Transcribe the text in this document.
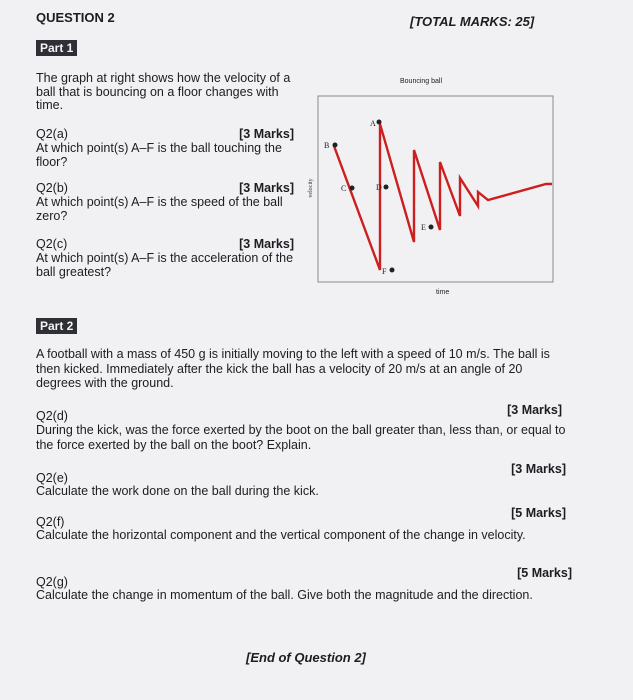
QUESTION 2	[TOTAL MARKS: 25]
Part 1
The graph at right shows how the velocity of a ball that is bouncing on a floor changes with time.
Q2(a)	[3 Marks]
At which point(s) A–F is the ball touching the floor?
Q2(b)	[3 Marks]
At which point(s) A–F is the speed of the ball zero?
Q2(c)	[3 Marks]
At which point(s) A–F is the acceleration of the ball greatest?
Bouncing ball
velocity
A
B
C	D
E
F
time
Part 2
A football with a mass of 450 g is initially moving to the left with a speed of 10 m/s. The ball is then kicked. Immediately after the kick the ball has a velocity of 20 m/s at an angle of 20 degrees with the ground.
Q2(d)	[3 Marks]
During the kick, was the force exerted by the boot on the ball greater than, less than, or equal to the force exerted by the ball on the boot? Explain.
Q2(e)
[3 Marks]
Calculate the work done on the ball during the kick.
Q2(f)
[5 Marks]
Calculate the horizontal component and the vertical component of the change in velocity.
Q2(g)
[5 Marks]
Calculate the change in momentum of the ball. Give both the magnitude and the direction.
[End of Question 2]
